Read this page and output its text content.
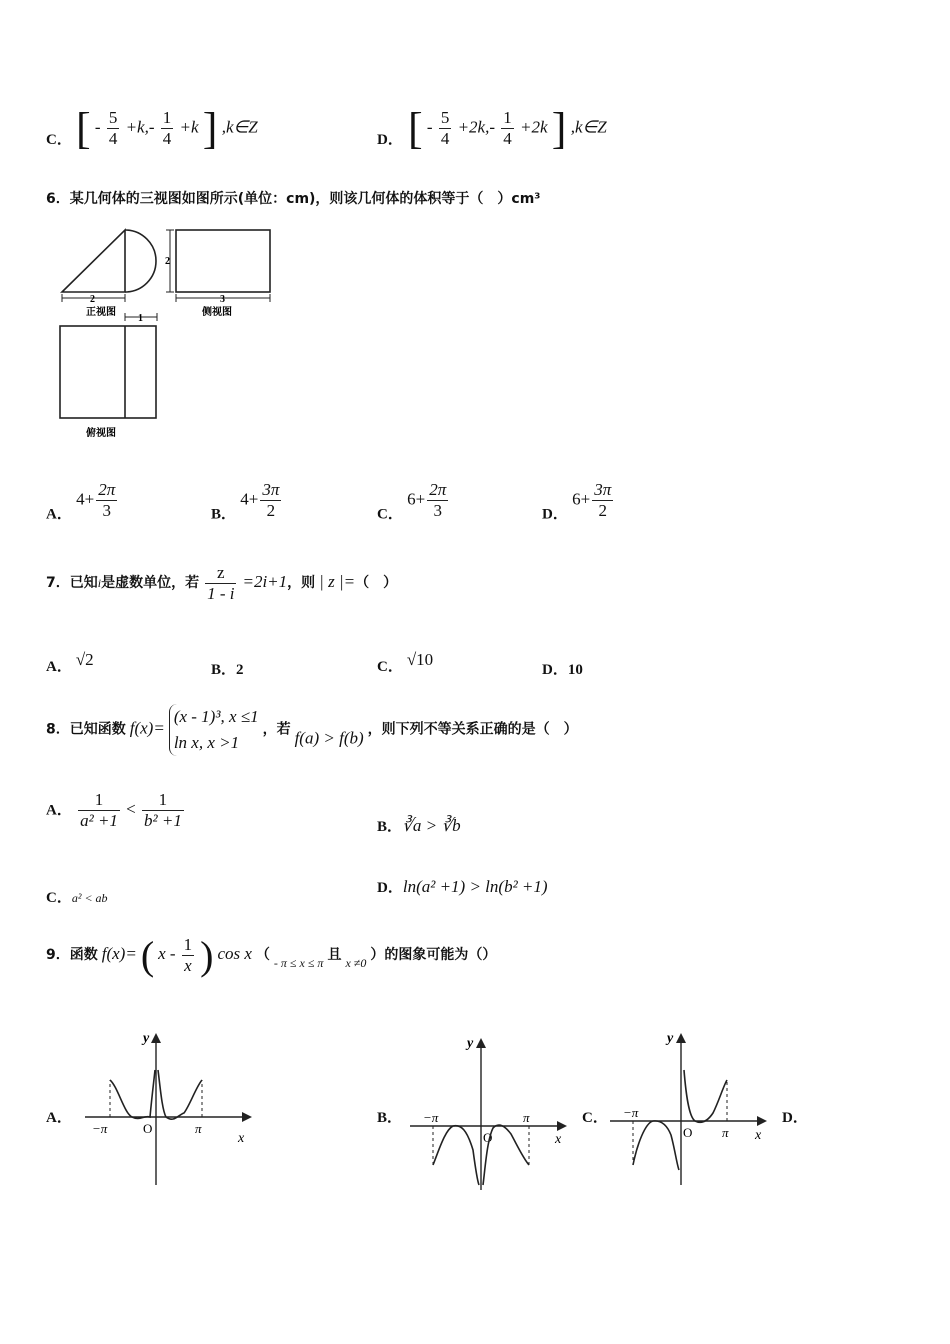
C． [ - $\frac{5}{4} +k,- \frac{1}{4} +k$ ] ,k∈Z
D． [ - $\frac{5}{4} +2k,- \frac{1}{4} +2k$ ] ,k∈Z
6．某几何体的三视图如图所示(单位：cm)，则该几何体的体积等于（　）cm³
2
正视图
2
3
侧视图
1
俯视图
A． $4+ \frac{2\pi}{3}$	B． $4+ \frac{3\pi}{2}$	C． $6+ \frac{2\pi}{3}$	D． $6+ \frac{3\pi}{2}$
7．已知i是虚数单位，若 $\frac{z}{1 - i} =2i+1$，则 | z |=（　）
A． √2
B．2	C． √10
D．10
8．已知函数 f(x)=
(x - 1)³, x ≤1
ln x, x >1
，若 f(a) > f(b) ，则下列不等关系正确的是（　）
A． $\frac{1}{\text{a² +1}} < \frac{1}{\text{b² +1}}$	B．∛a > ∛b
C．a² < ab
D．ln(a² +1) > ln(b² +1)
9．函数 f(x)= ( x - $\frac{1}{x}$ ) cos x （ $_{- \pi \le x \le \pi}$ 且 $_{x \ne 0}$ ）的图象可能为（）
A．	B．	C．	D．
y
x
O
−π	π
y
x
O
−π	π
y
x
O
−π
π
